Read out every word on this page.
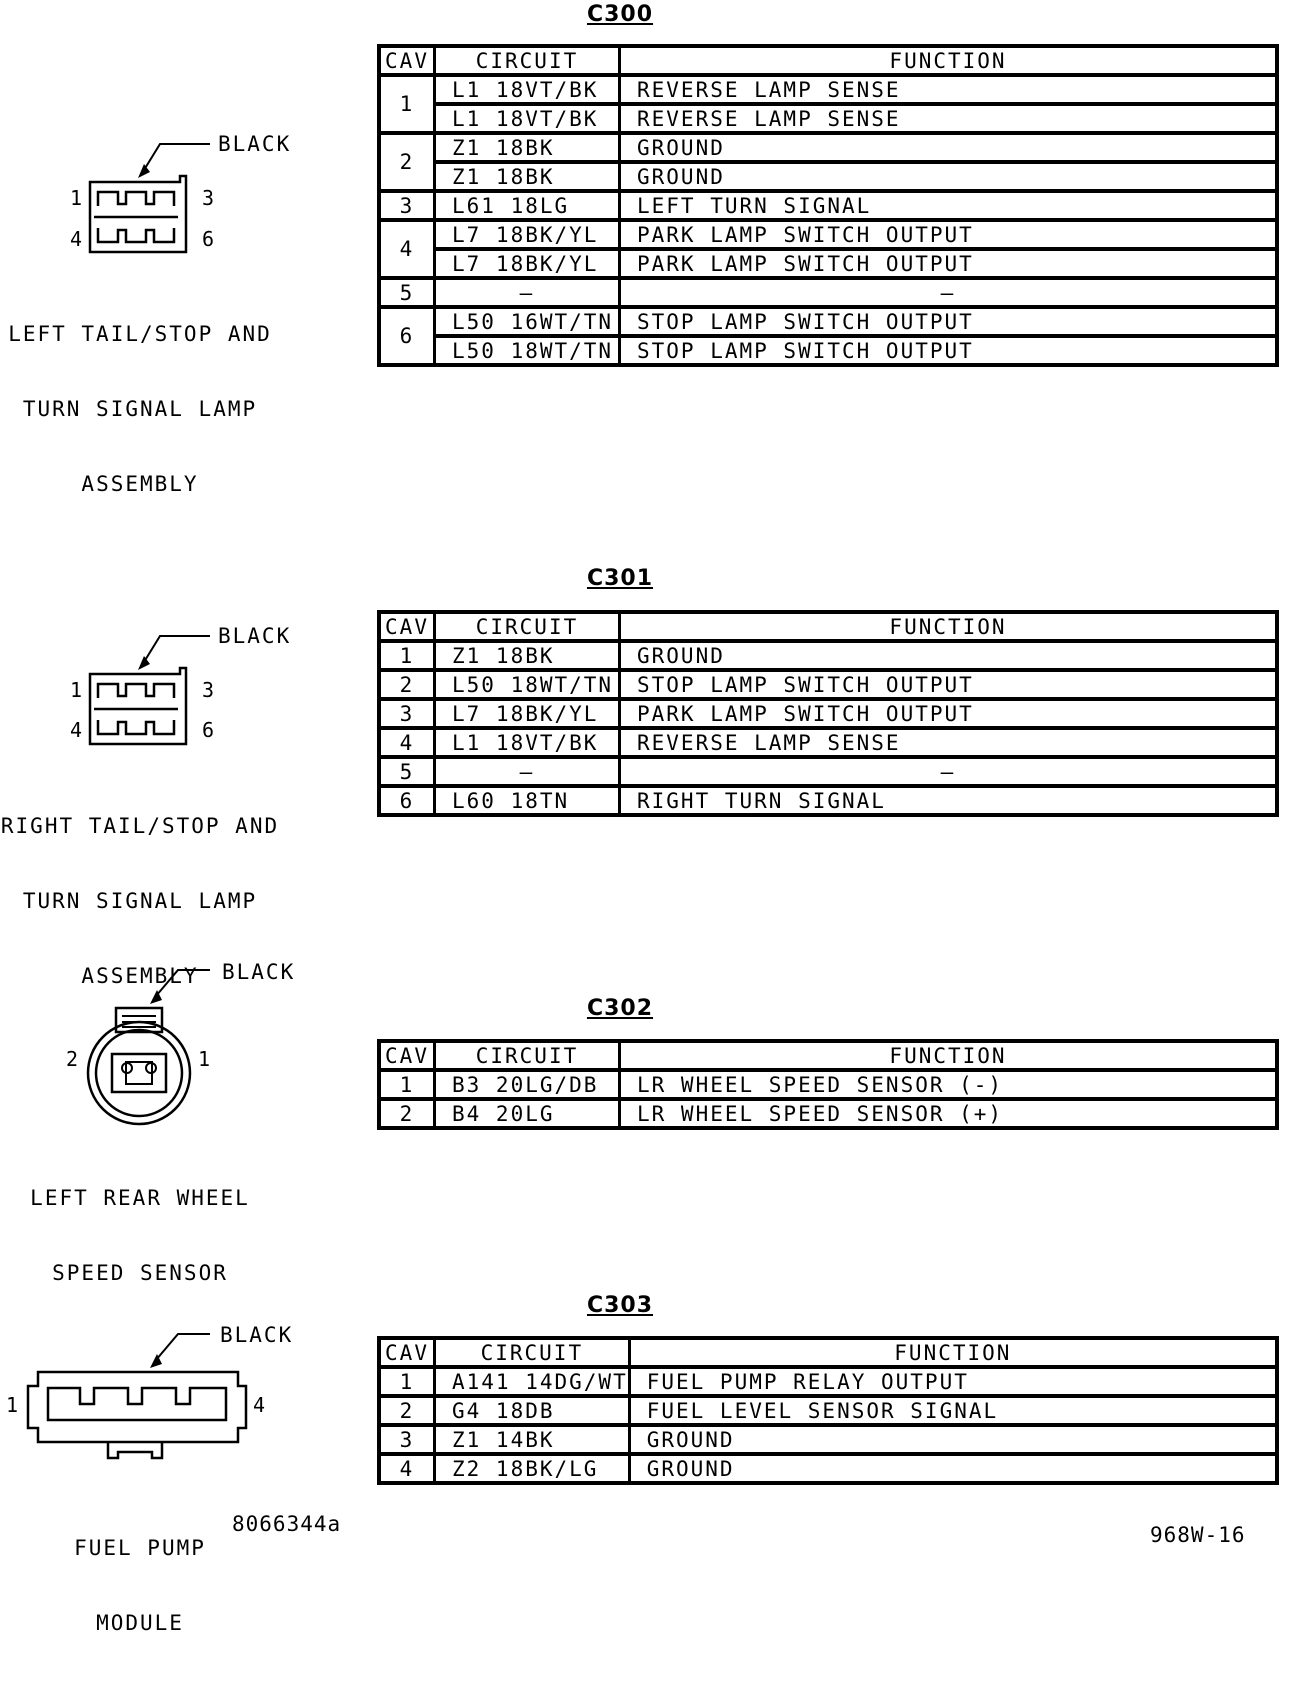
C300
CAV	CIRCUIT	FUNCTION
1	L1 18VT/BK	REVERSE LAMP SENSE
	L1 18VT/BK	REVERSE LAMP SENSE
2	Z1 18BK	GROUND
	Z1 18BK	GROUND
3	L61 18LG	LEFT TURN SIGNAL
4	L7 18BK/YL	PARK LAMP SWITCH OUTPUT
	L7 18BK/YL	PARK LAMP SWITCH OUTPUT
5	–	–
6	L50 16WT/TN	STOP LAMP SWITCH OUTPUT
	L50 18WT/TN	STOP LAMP SWITCH OUTPUT
BLACK
1	3
4	6

LEFT TAIL/STOP AND

TURN SIGNAL LAMP

ASSEMBLY

C301
CAV	CIRCUIT	FUNCTION
1	Z1 18BK	GROUND
2	L50 18WT/TN	STOP LAMP SWITCH OUTPUT
3	L7 18BK/YL	PARK LAMP SWITCH OUTPUT
4	L1 18VT/BK	REVERSE LAMP SENSE
5	–	–
6	L60 18TN	RIGHT TURN SIGNAL
BLACK
1	3
4	6

RIGHT TAIL/STOP AND

TURN SIGNAL LAMP

ASSEMBLY

C302
CAV	CIRCUIT	FUNCTION
1	B3 20LG/DB	LR WHEEL SPEED SENSOR (-)
2	B4 20LG	LR WHEEL SPEED SENSOR (+)
BLACK
2	1

LEFT REAR WHEEL

SPEED SENSOR

C303
CAV	CIRCUIT	FUNCTION
1	A141 14DG/WT	FUEL PUMP RELAY OUTPUT
2	G4 18DB	FUEL LEVEL SENSOR SIGNAL
3	Z1 14BK	GROUND
4	Z2 18BK/LG	GROUND
BLACK
1	4

FUEL PUMP

MODULE

8066344a	968W-16
